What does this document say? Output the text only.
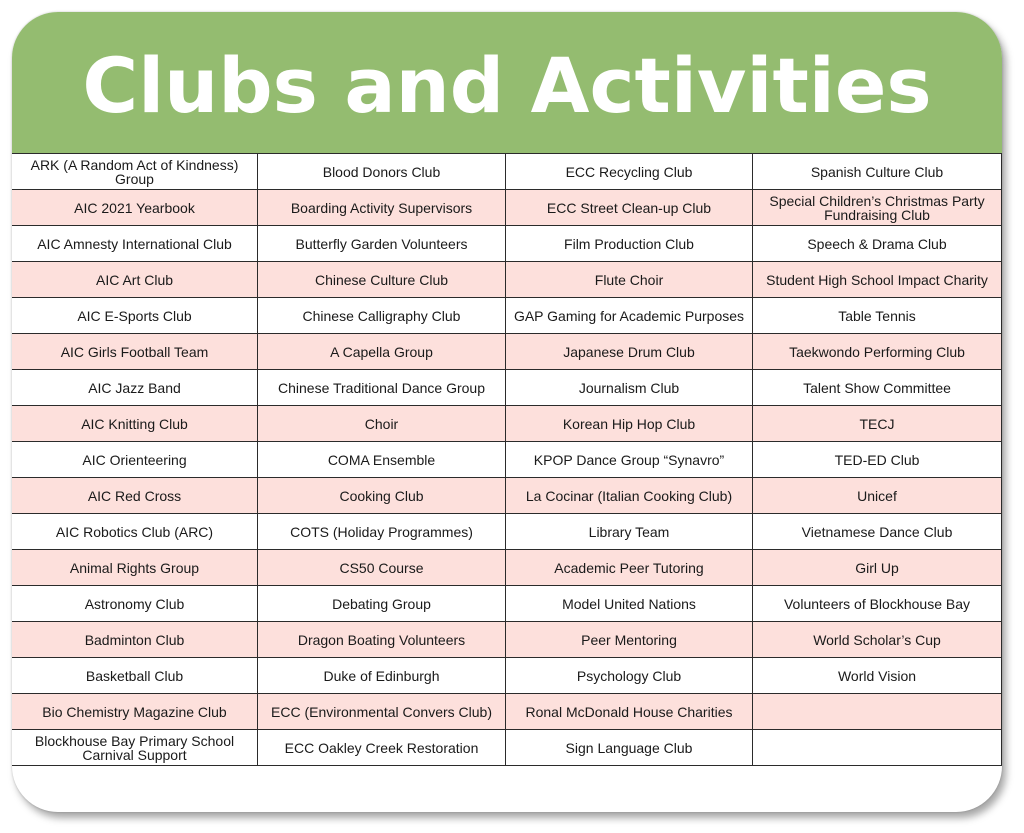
Clubs and Activities
ARK (A Random Act of Kindness) Group	Blood Donors Club	ECC Recycling Club	Spanish Culture Club
AIC 2021 Yearbook	Boarding Activity Supervisors	ECC Street Clean-up Club	Special Children’s Christmas Party Fundraising Club
AIC Amnesty International Club	Butterfly Garden Volunteers	Film Production Club	Speech & Drama Club
AIC Art Club	Chinese Culture Club	Flute Choir	Student High School Impact Charity
AIC E-Sports Club	Chinese Calligraphy Club	GAP Gaming for Academic Purposes	Table Tennis
AIC Girls Football Team	A Capella Group	Japanese Drum Club	Taekwondo Performing Club
AIC Jazz Band	Chinese Traditional Dance Group	Journalism Club	Talent Show Committee
AIC Knitting Club	Choir	Korean Hip Hop Club	TECJ
AIC Orienteering	COMA Ensemble	KPOP Dance Group “Synavro”	TED-ED Club
AIC Red Cross	Cooking Club	La Cocinar (Italian Cooking Club)	Unicef
AIC Robotics Club (ARC)	COTS (Holiday Programmes)	Library Team	Vietnamese Dance Club
Animal Rights Group	CS50 Course	Academic Peer Tutoring	Girl Up
Astronomy Club	Debating Group	Model United Nations	Volunteers of Blockhouse Bay
Badminton Club	Dragon Boating Volunteers	Peer Mentoring	World Scholar’s Cup
Basketball Club	Duke of Edinburgh	Psychology Club	World Vision
Bio Chemistry Magazine Club	ECC (Environmental Convers Club)	Ronal McDonald House Charities	
Blockhouse Bay Primary School Carnival Support	ECC Oakley Creek Restoration	Sign Language Club	
